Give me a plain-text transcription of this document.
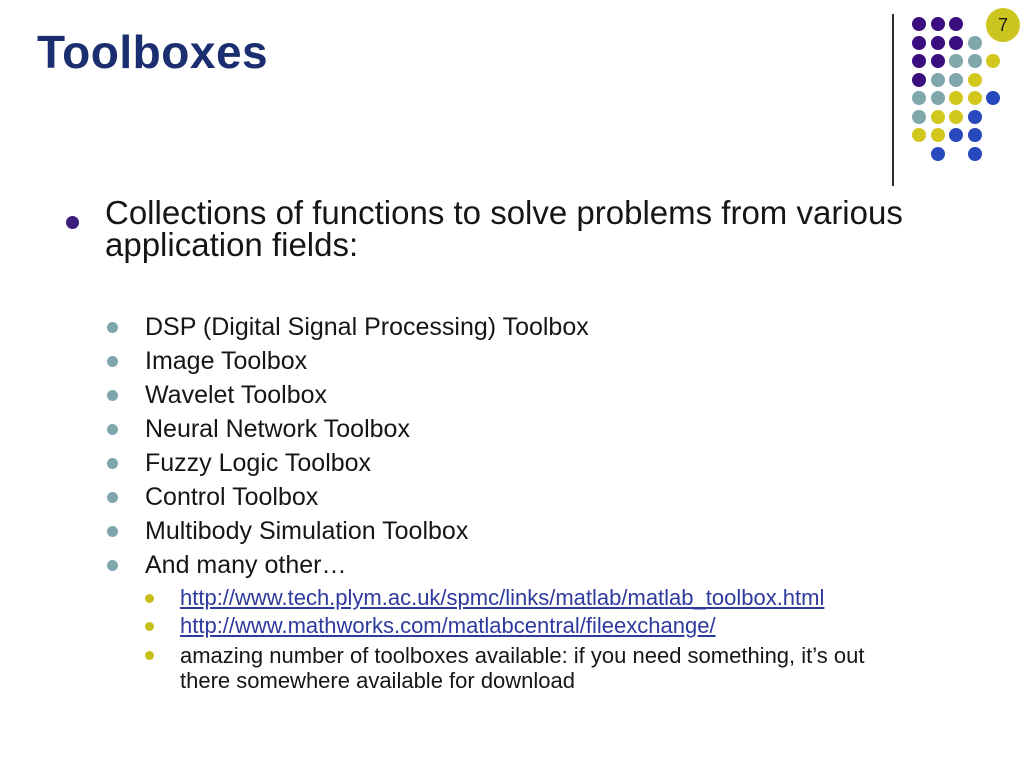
Toolboxes
7

Collections of functions to solve problems from various application fields:

DSP (Digital Signal Processing) Toolbox
Image Toolbox
Wavelet Toolbox
Neural Network Toolbox
Fuzzy Logic Toolbox
Control Toolbox
Multibody Simulation Toolbox
And many other…
http://www.tech.plym.ac.uk/spmc/links/matlab/matlab_toolbox.html
http://www.mathworks.com/matlabcentral/fileexchange/
amazing number of toolboxes available: if you need something, it’s out there somewhere available for download
